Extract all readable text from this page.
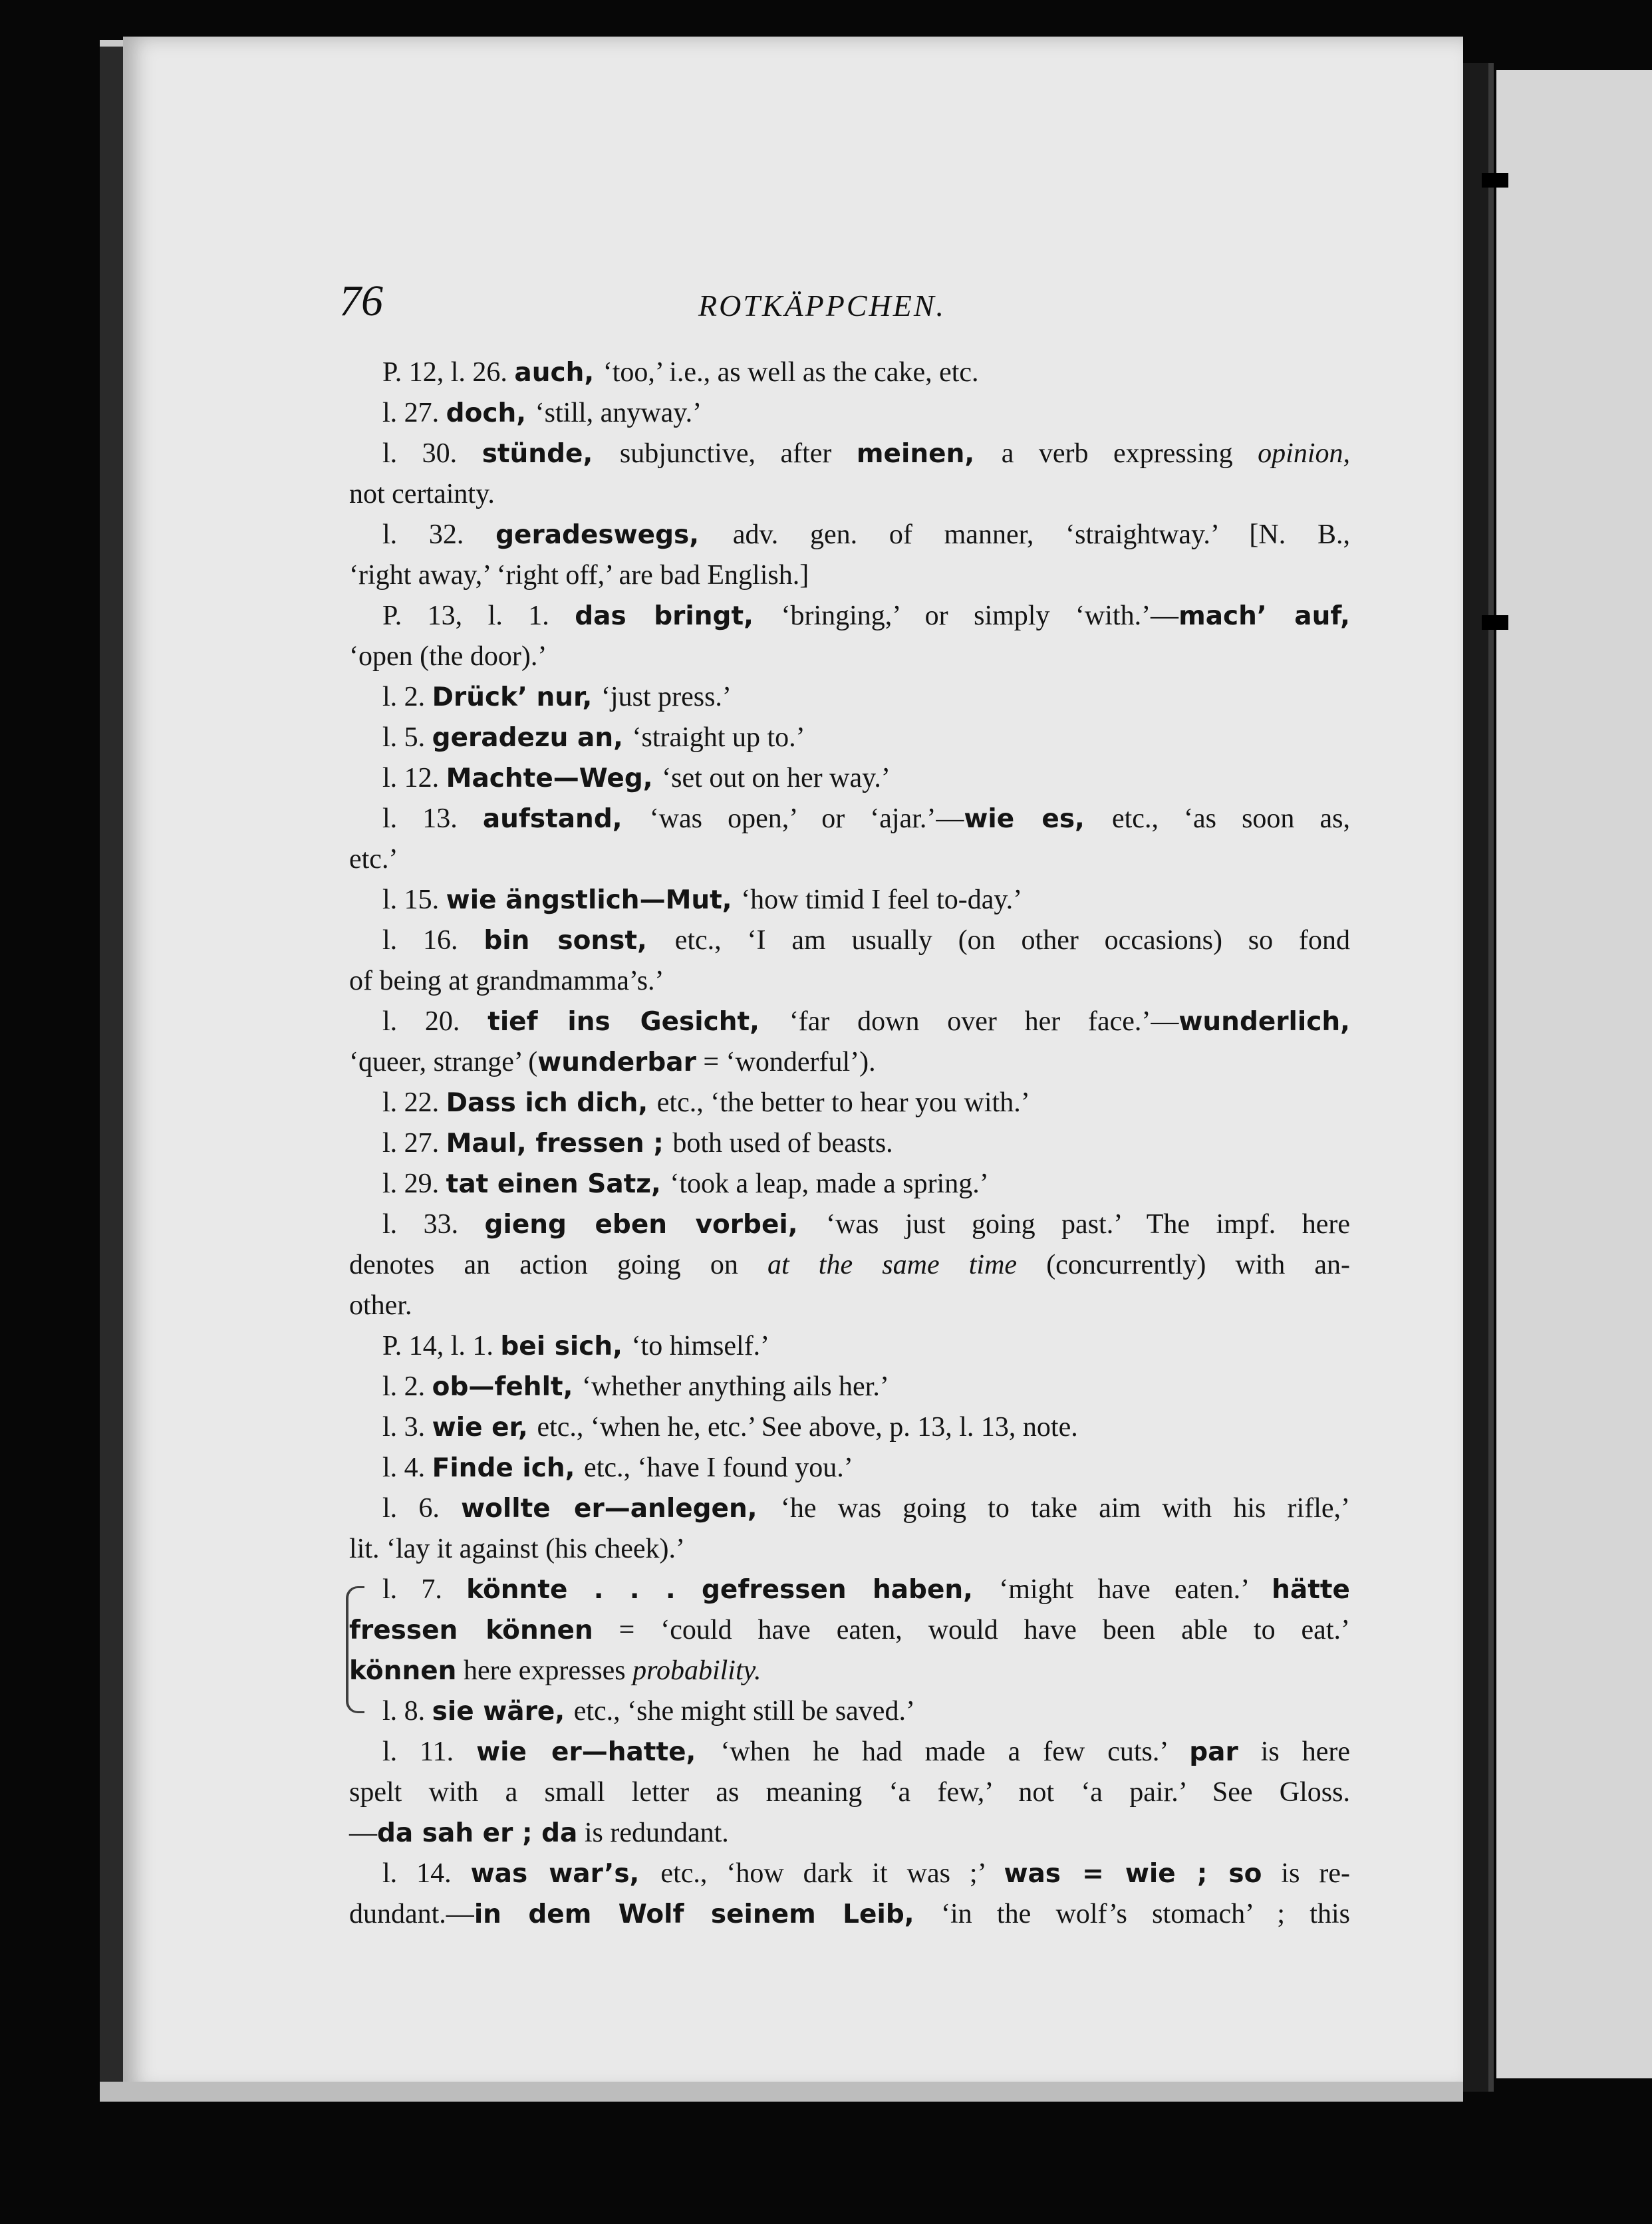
76	ROTKÄPPCHEN.
P. 12, l. 26. auch, ‘too,’ i.e., as well as the cake, etc.
l. 27. doch, ‘still, anyway.’
l. 30. stünde, subjunctive, after meinen, a verb expressing opinion,
not certainty.
l. 32. geradeswegs, adv. gen. of manner, ‘straightway.’ [N. B.,
‘right away,’ ‘right off,’ are bad English.]
P. 13, l. 1. das bringt, ‘bringing,’ or simply ‘with.’—mach’ auf,
‘open (the door).’
l. 2. Drück’ nur, ‘just press.’
l. 5. geradezu an, ‘straight up to.’
l. 12. Machte—Weg, ‘set out on her way.’
l. 13. aufstand, ‘was open,’ or ‘ajar.’—wie es, etc., ‘as soon as,
etc.’
l. 15. wie ängstlich—Mut, ‘how timid I feel to-day.’
l. 16. bin sonst, etc., ‘I am usually (on other occasions) so fond
of being at grandmamma’s.’
l. 20. tief ins Gesicht, ‘far down over her face.’—wunderlich,
‘queer, strange’ (wunderbar = ‘wonderful’).
l. 22. Dass ich dich, etc., ‘the better to hear you with.’
l. 27. Maul, fressen ; both used of beasts.
l. 29. tat einen Satz, ‘took a leap, made a spring.’
l. 33. gieng eben vorbei, ‘was just going past.’ The impf. here
denotes an action going on at the same time (concurrently) with an-
other.
P. 14, l. 1. bei sich, ‘to himself.’
l. 2. ob—fehlt, ‘whether anything ails her.’
l. 3. wie er, etc., ‘when he, etc.’ See above, p. 13, l. 13, note.
l. 4. Finde ich, etc., ‘have I found you.’
l. 6. wollte er—anlegen, ‘he was going to take aim with his rifle,’
lit. ‘lay it against (his cheek).’
l. 7. könnte . . . gefressen haben, ‘might have eaten.’ hätte
fressen können = ‘could have eaten, would have been able to eat.’
können here expresses probability.
l. 8. sie wäre, etc., ‘she might still be saved.’
l. 11. wie er—hatte, ‘when he had made a few cuts.’ par is here
spelt with a small letter as meaning ‘a few,’ not ‘a pair.’ See Gloss.
—da sah er ; da is redundant.
l. 14. was war’s, etc., ‘how dark it was ;’ was = wie ; so is re-
dundant.—in dem Wolf seinem Leib, ‘in the wolf’s stomach’ ; this
